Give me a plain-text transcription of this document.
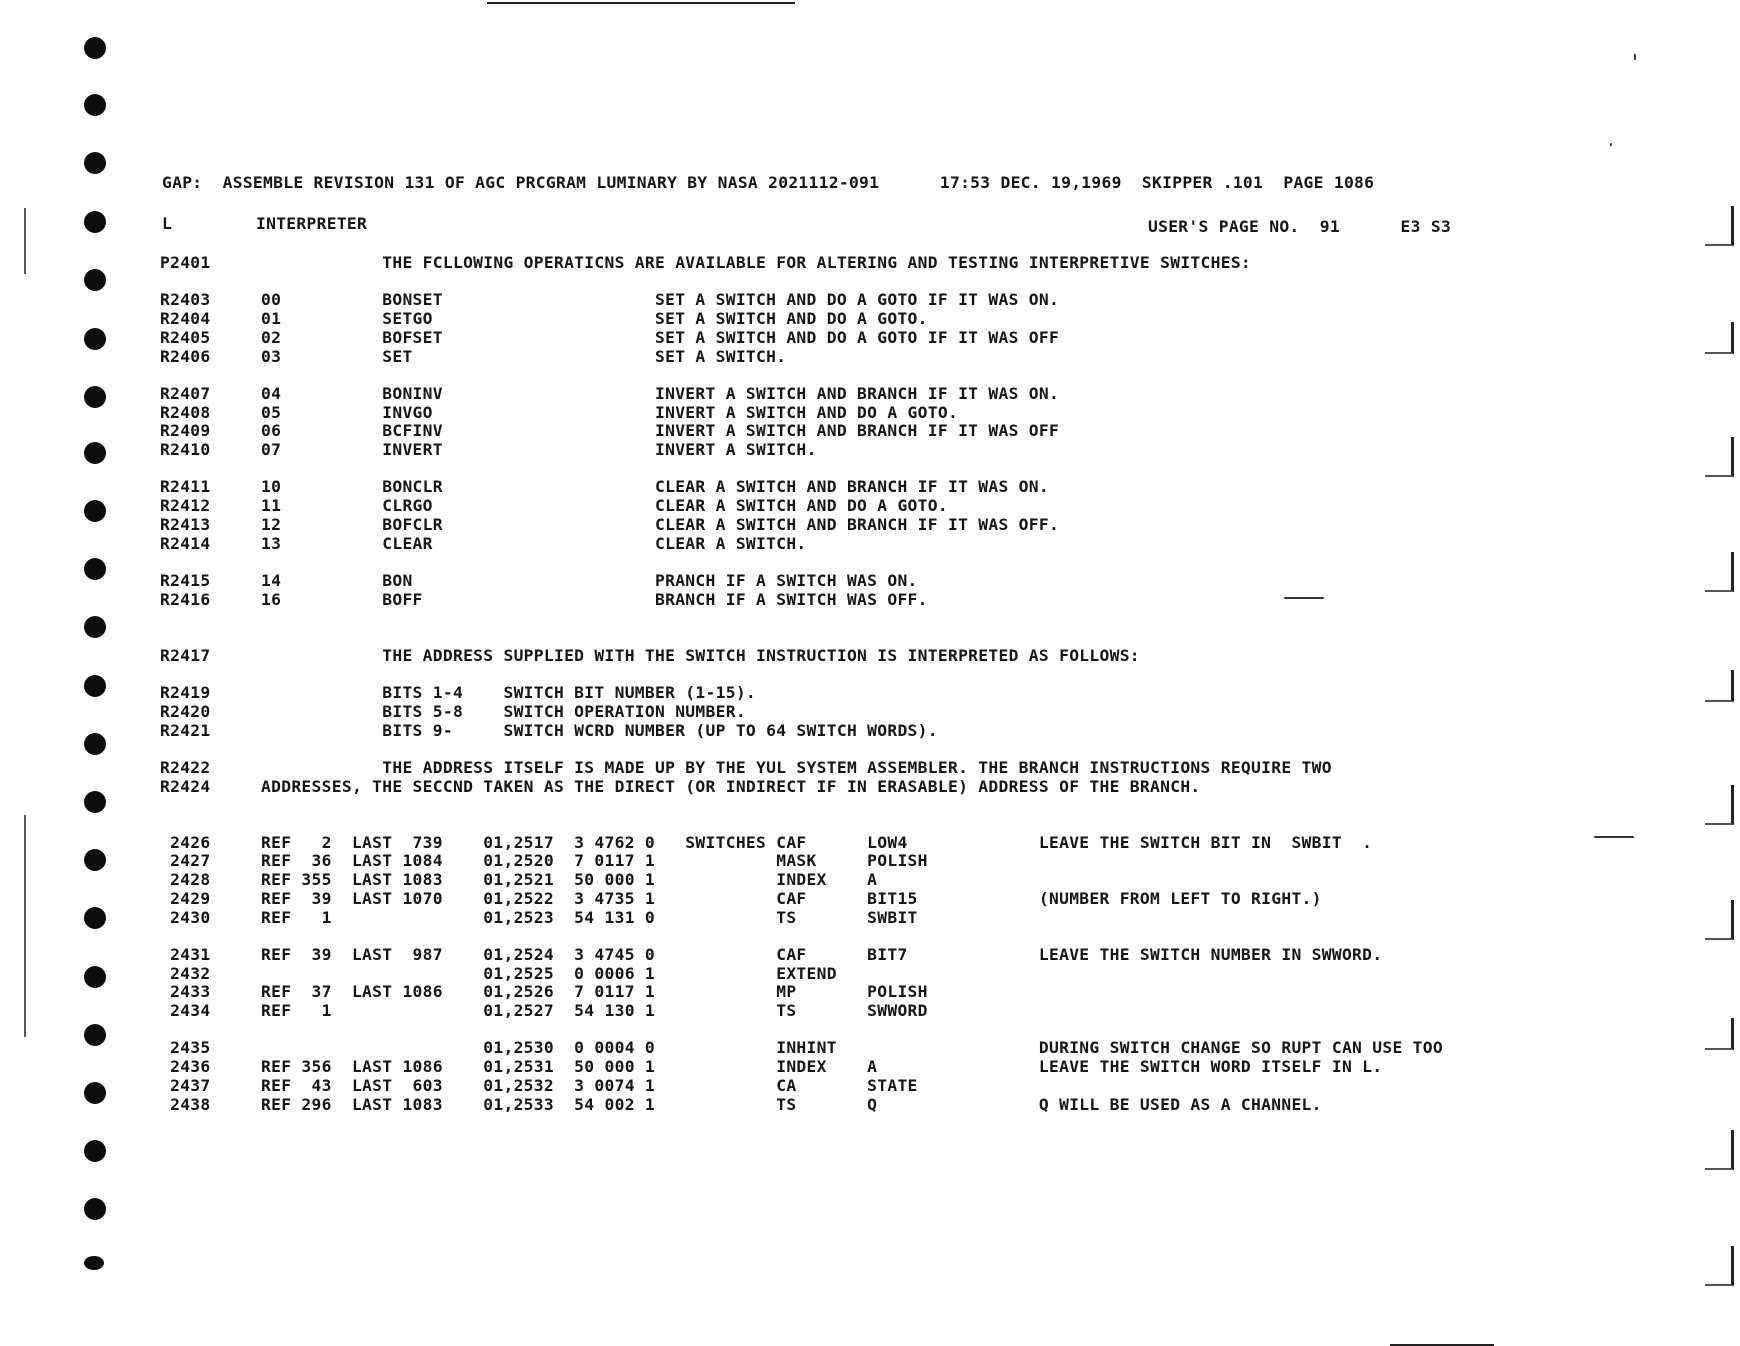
GAP:  ASSEMBLE REVISION 131 OF AGC PRCGRAM LUMINARY BY NASA 2021112-091      17:53 DEC. 19,1969  SKIPPER .101  PAGE 1086
L	INTERPRETER	USER'S PAGE NO.  91      E3 S3
P2401                 THE FCLLOWING OPERATICNS ARE AVAILABLE FOR ALTERING AND TESTING INTERPRETIVE SWITCHES:
R2403     00          BONSET                     SET A SWITCH AND DO A GOTO IF IT WAS ON.
R2404     01          SETGO                      SET A SWITCH AND DO A GOTO.
R2405     02          BOFSET                     SET A SWITCH AND DO A GOTO IF IT WAS OFF
R2406     03          SET                        SET A SWITCH.
R2407     04          BONINV                     INVERT A SWITCH AND BRANCH IF IT WAS ON.
R2408     05          INVGO                      INVERT A SWITCH AND DO A GOTO.
R2409     06          BCFINV                     INVERT A SWITCH AND BRANCH IF IT WAS OFF
R2410     07          INVERT                     INVERT A SWITCH.
R2411     10          BONCLR                     CLEAR A SWITCH AND BRANCH IF IT WAS ON.
R2412     11          CLRGO                      CLEAR A SWITCH AND DO A GOTO.
R2413     12          BOFCLR                     CLEAR A SWITCH AND BRANCH IF IT WAS OFF.
R2414     13          CLEAR                      CLEAR A SWITCH.
R2415     14          BON                        PRANCH IF A SWITCH WAS ON.
R2416     16          BOFF                       BRANCH IF A SWITCH WAS OFF.
R2417                 THE ADDRESS SUPPLIED WITH THE SWITCH INSTRUCTION IS INTERPRETED AS FOLLOWS:
R2419                 BITS 1-4    SWITCH BIT NUMBER (1-15).
R2420                 BITS 5-8    SWITCH OPERATION NUMBER.
R2421                 BITS 9-     SWITCH WCRD NUMBER (UP TO 64 SWITCH WORDS).
R2422                 THE ADDRESS ITSELF IS MADE UP BY THE YUL SYSTEM ASSEMBLER. THE BRANCH INSTRUCTIONS REQUIRE TWO
R2424     ADDRESSES, THE SECCND TAKEN AS THE DIRECT (OR INDIRECT IF IN ERASABLE) ADDRESS OF THE BRANCH.
2426     REF   2  LAST  739    01,2517  3 4762 0   SWITCHES CAF      LOW4             LEAVE THE SWITCH BIT IN  SWBIT  .
2427     REF  36  LAST 1084    01,2520  7 0117 1            MASK     POLISH
2428     REF 355  LAST 1083    01,2521  50 000 1            INDEX    A
2429     REF  39  LAST 1070    01,2522  3 4735 1            CAF      BIT15            (NUMBER FROM LEFT TO RIGHT.)
2430     REF   1               01,2523  54 131 0            TS       SWBIT
2431     REF  39  LAST  987    01,2524  3 4745 0            CAF      BIT7             LEAVE THE SWITCH NUMBER IN SWWORD.
2432                           01,2525  0 0006 1            EXTEND
2433     REF  37  LAST 1086    01,2526  7 0117 1            MP       POLISH
2434     REF   1               01,2527  54 130 1            TS       SWWORD
2435                           01,2530  0 0004 0            INHINT                    DURING SWITCH CHANGE SO RUPT CAN USE TOO
2436     REF 356  LAST 1086    01,2531  50 000 1            INDEX    A                LEAVE THE SWITCH WORD ITSELF IN L.
2437     REF  43  LAST  603    01,2532  3 0074 1            CA       STATE
2438     REF 296  LAST 1083    01,2533  54 002 1            TS       Q                Q WILL BE USED AS A CHANNEL.
